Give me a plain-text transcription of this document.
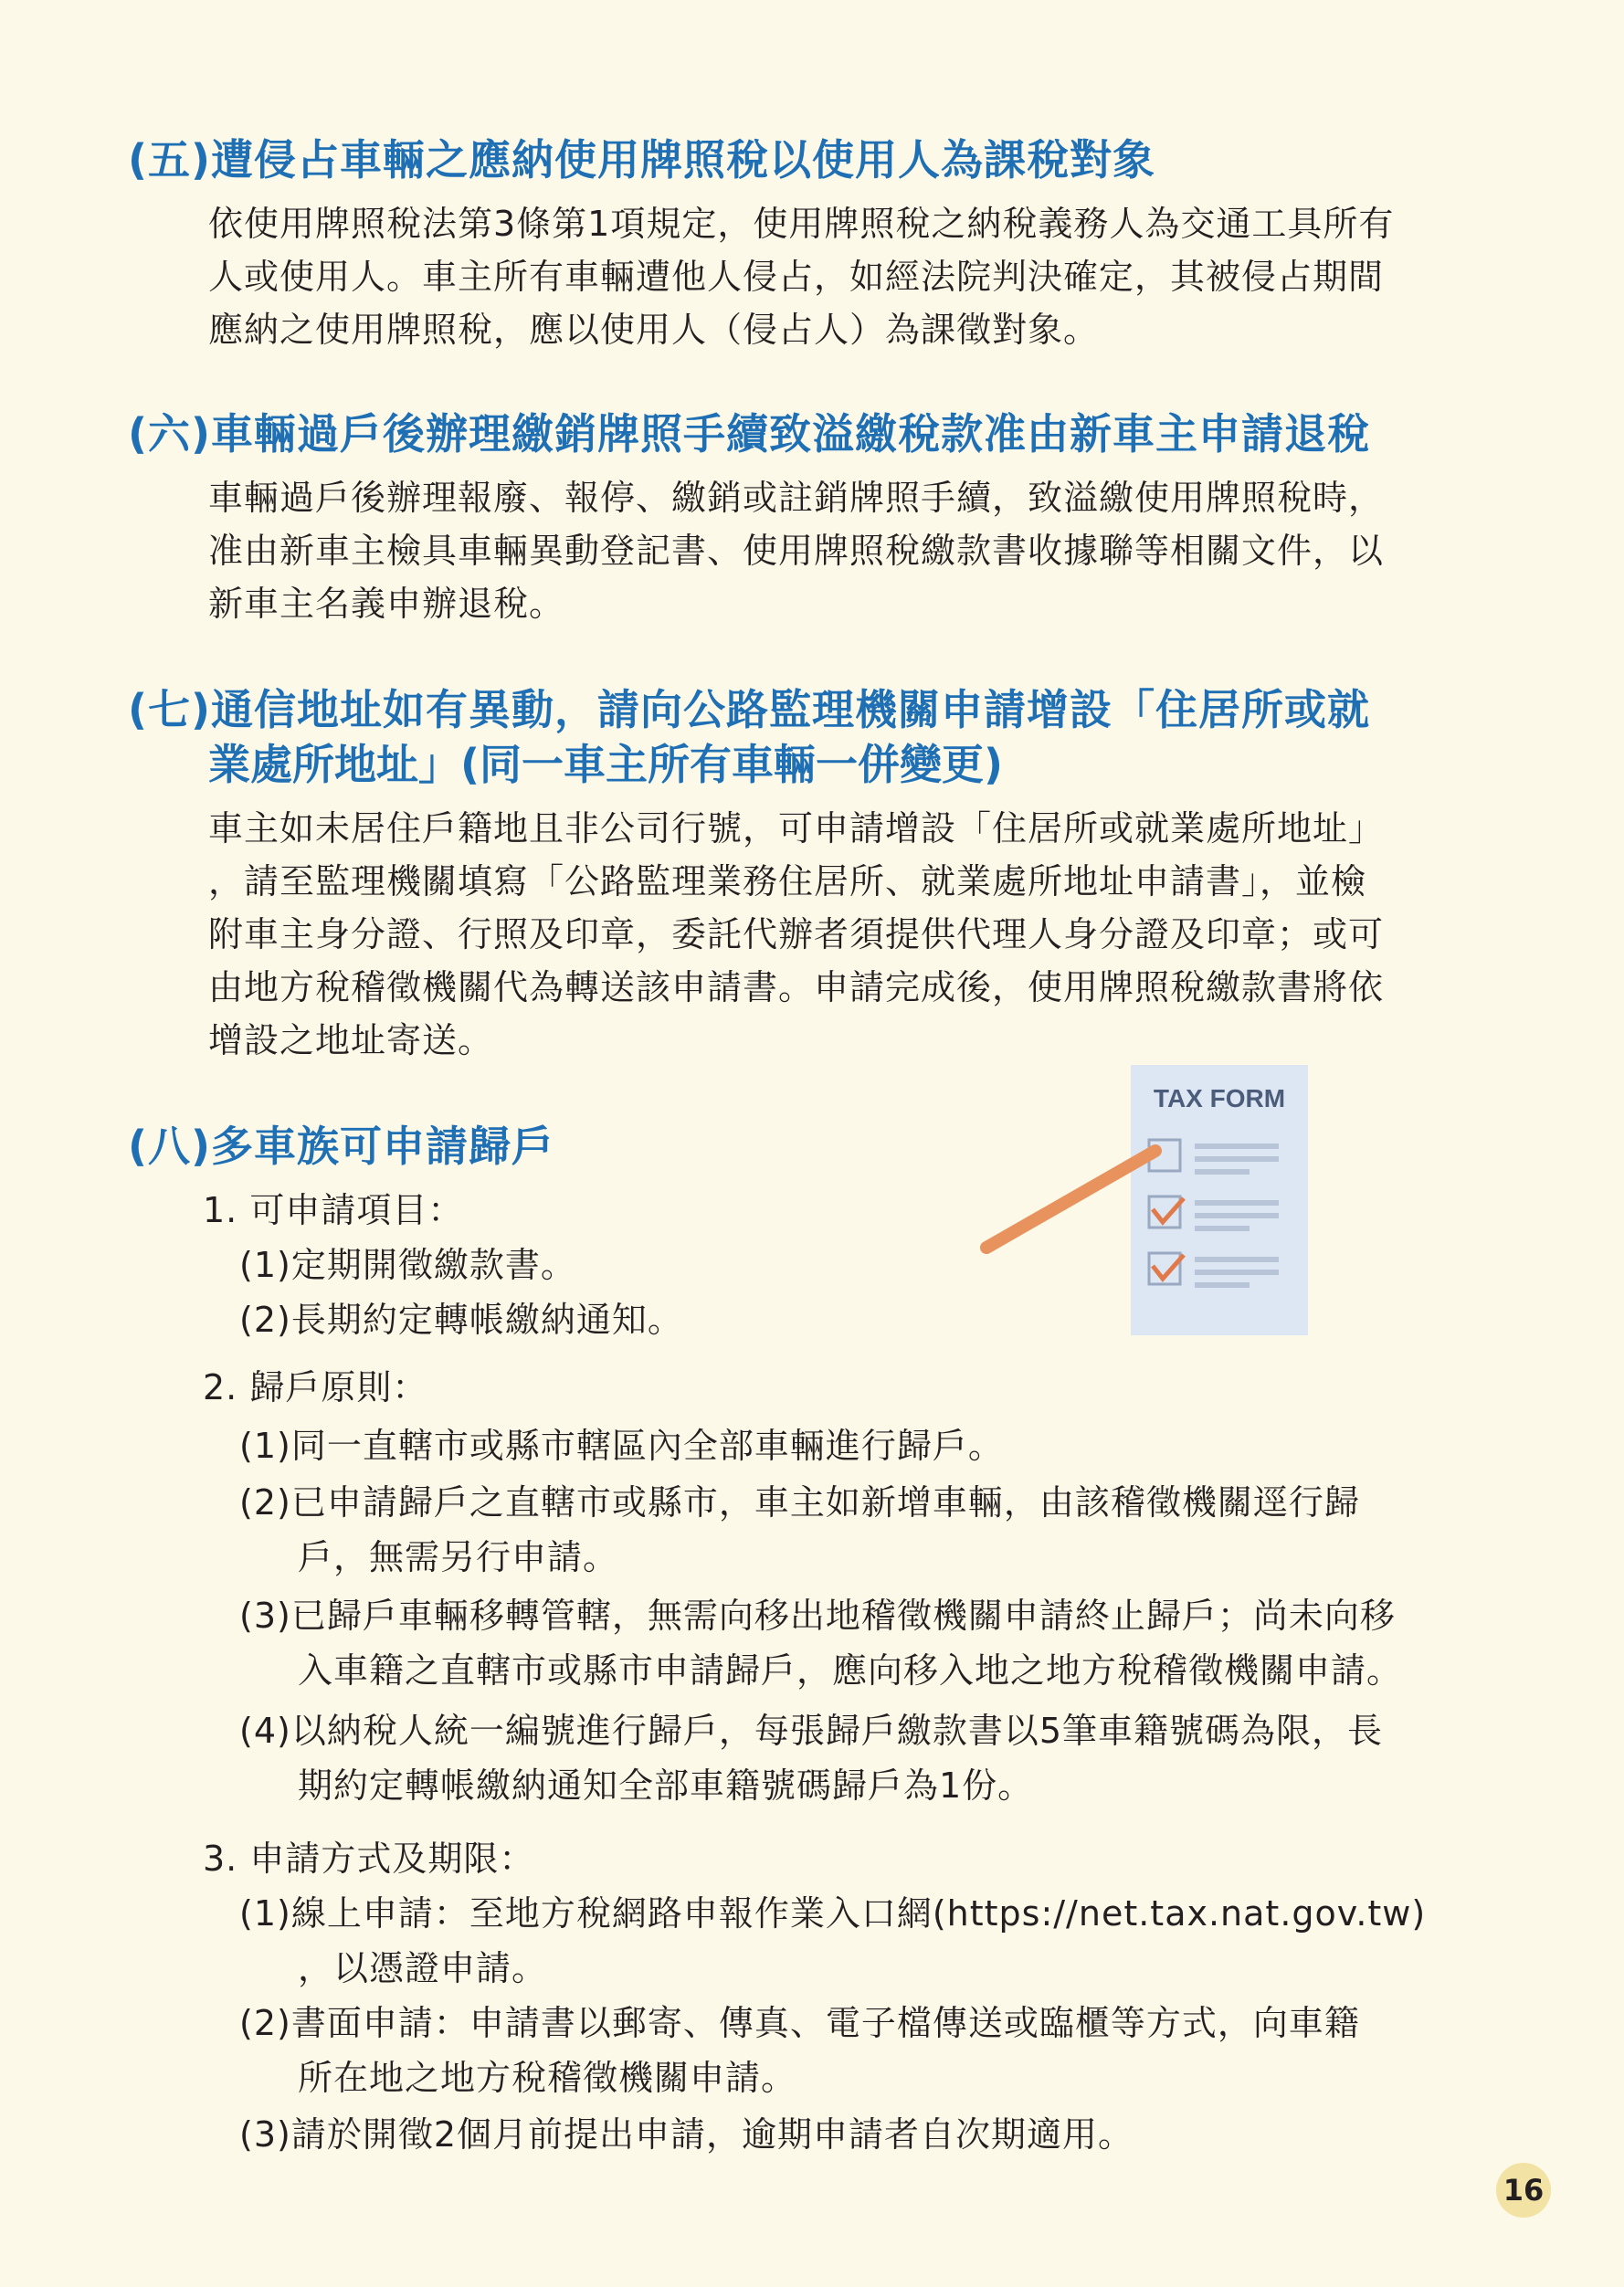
(五)遭侵占車輛之應納使用牌照稅以使用人為課稅對象
依使用牌照稅法第3條第1項規定，使用牌照稅之納稅義務人為交通工具所有
人或使用人。車主所有車輛遭他人侵占，如經法院判決確定，其被侵占期間
應納之使用牌照稅，應以使用人（侵占人）為課徵對象。
(六)車輛過戶後辦理繳銷牌照手續致溢繳稅款准由新車主申請退稅
車輛過戶後辦理報廢、報停、繳銷或註銷牌照手續，致溢繳使用牌照稅時，
准由新車主檢具車輛異動登記書、使用牌照稅繳款書收據聯等相關文件，以
新車主名義申辦退稅。
(七)通信地址如有異動，請向公路監理機關申請增設「住居所或就
業處所地址」(同一車主所有車輛一併變更)
車主如未居住戶籍地且非公司行號，可申請增設「住居所或就業處所地址」
，請至監理機關填寫「公路監理業務住居所、就業處所地址申請書」，並檢
附車主身分證、行照及印章，委託代辦者須提供代理人身分證及印章；或可
由地方稅稽徵機關代為轉送該申請書。申請完成後，使用牌照稅繳款書將依
增設之地址寄送。
(八)多車族可申請歸戶
TAX FORM
1. 可申請項目：
(1)定期開徵繳款書。
(2)長期約定轉帳繳納通知。
2. 歸戶原則：
(1)同一直轄市或縣市轄區內全部車輛進行歸戶。
(2)已申請歸戶之直轄市或縣市，車主如新增車輛，由該稽徵機關逕行歸
戶，無需另行申請。
(3)已歸戶車輛移轉管轄，無需向移出地稽徵機關申請終止歸戶；尚未向移
入車籍之直轄市或縣市申請歸戶，應向移入地之地方稅稽徵機關申請。
(4)以納稅人統一編號進行歸戶，每張歸戶繳款書以5筆車籍號碼為限，長
期約定轉帳繳納通知全部車籍號碼歸戶為1份。
3. 申請方式及期限：
(1)線上申請：至地方稅網路申報作業入口網(https://net.tax.nat.gov.tw)
，以憑證申請。
(2)書面申請：申請書以郵寄、傳真、電子檔傳送或臨櫃等方式，向車籍
所在地之地方稅稽徵機關申請。
(3)請於開徵2個月前提出申請，逾期申請者自次期適用。
16
